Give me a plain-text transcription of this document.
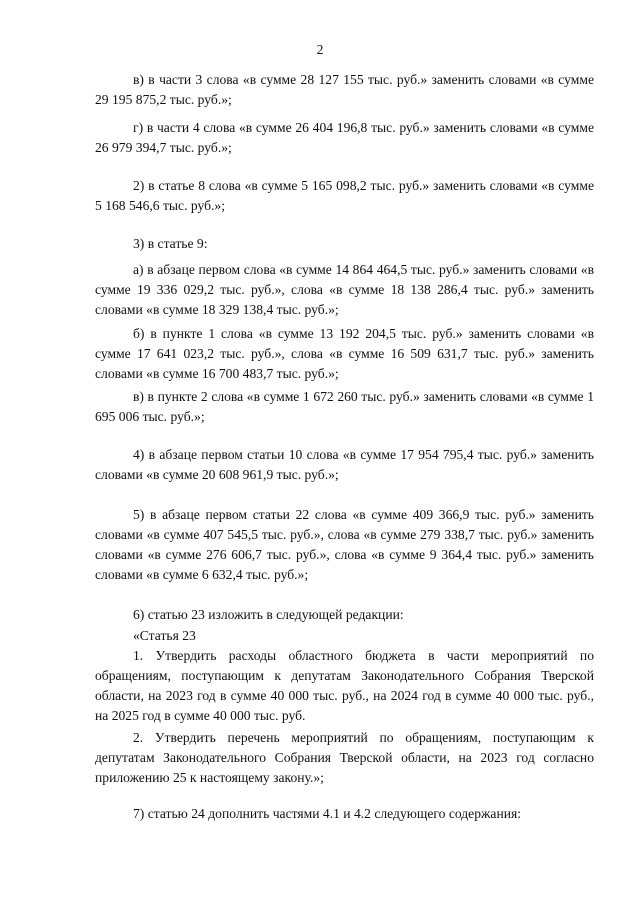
2

в) в части 3 слова «в сумме 28 127 155 тыс. руб.» заменить словами «в сумме 29 195 875,2 тыс. руб.»;

г) в части 4 слова «в сумме 26 404 196,8 тыс. руб.» заменить словами «в сумме 26 979 394,7 тыс. руб.»;

2) в статье 8 слова «в сумме 5 165 098,2 тыс. руб.» заменить словами «в сумме 5 168 546,6 тыс. руб.»;

3) в статье 9:

а) в абзаце первом слова «в сумме 14 864 464,5 тыс. руб.» заменить словами «в сумме 19 336 029,2 тыс. руб.», слова «в сумме 18 138 286,4 тыс. руб.» заменить словами «в сумме 18 329 138,4 тыс. руб.»;

б) в пункте 1 слова «в сумме 13 192 204,5 тыс. руб.» заменить словами «в сумме 17 641 023,2 тыс. руб.», слова «в сумме 16 509 631,7 тыс. руб.» заменить словами «в сумме 16 700 483,7 тыс. руб.»;

в) в пункте 2 слова «в сумме 1 672 260 тыс. руб.» заменить словами «в сумме 1 695 006 тыс. руб.»;

4) в абзаце первом статьи 10 слова «в сумме 17 954 795,4 тыс. руб.» заменить словами «в сумме 20 608 961,9 тыс. руб.»;

5) в абзаце первом статьи 22 слова «в сумме 409 366,9 тыс. руб.» заменить словами «в сумме 407 545,5 тыс. руб.», слова «в сумме 279 338,7 тыс. руб.» заменить словами «в сумме 276 606,7 тыс. руб.», слова «в сумме 9 364,4 тыс. руб.» заменить словами «в сумме 6 632,4 тыс. руб.»;

6) статью 23 изложить в следующей редакции:

«Статья 23

1. Утвердить расходы областного бюджета в части мероприятий по обращениям, поступающим к депутатам Законодательного Собрания Тверской области, на 2023 год в сумме 40 000 тыс. руб., на 2024 год в сумме 40 000 тыс. руб., на 2025 год в сумме 40 000 тыс. руб.

2. Утвердить перечень мероприятий по обращениям, поступающим к депутатам Законодательного Собрания Тверской области, на 2023 год согласно приложению 25 к настоящему закону.»;

7) статью 24 дополнить частями 4.1 и 4.2 следующего содержания:
